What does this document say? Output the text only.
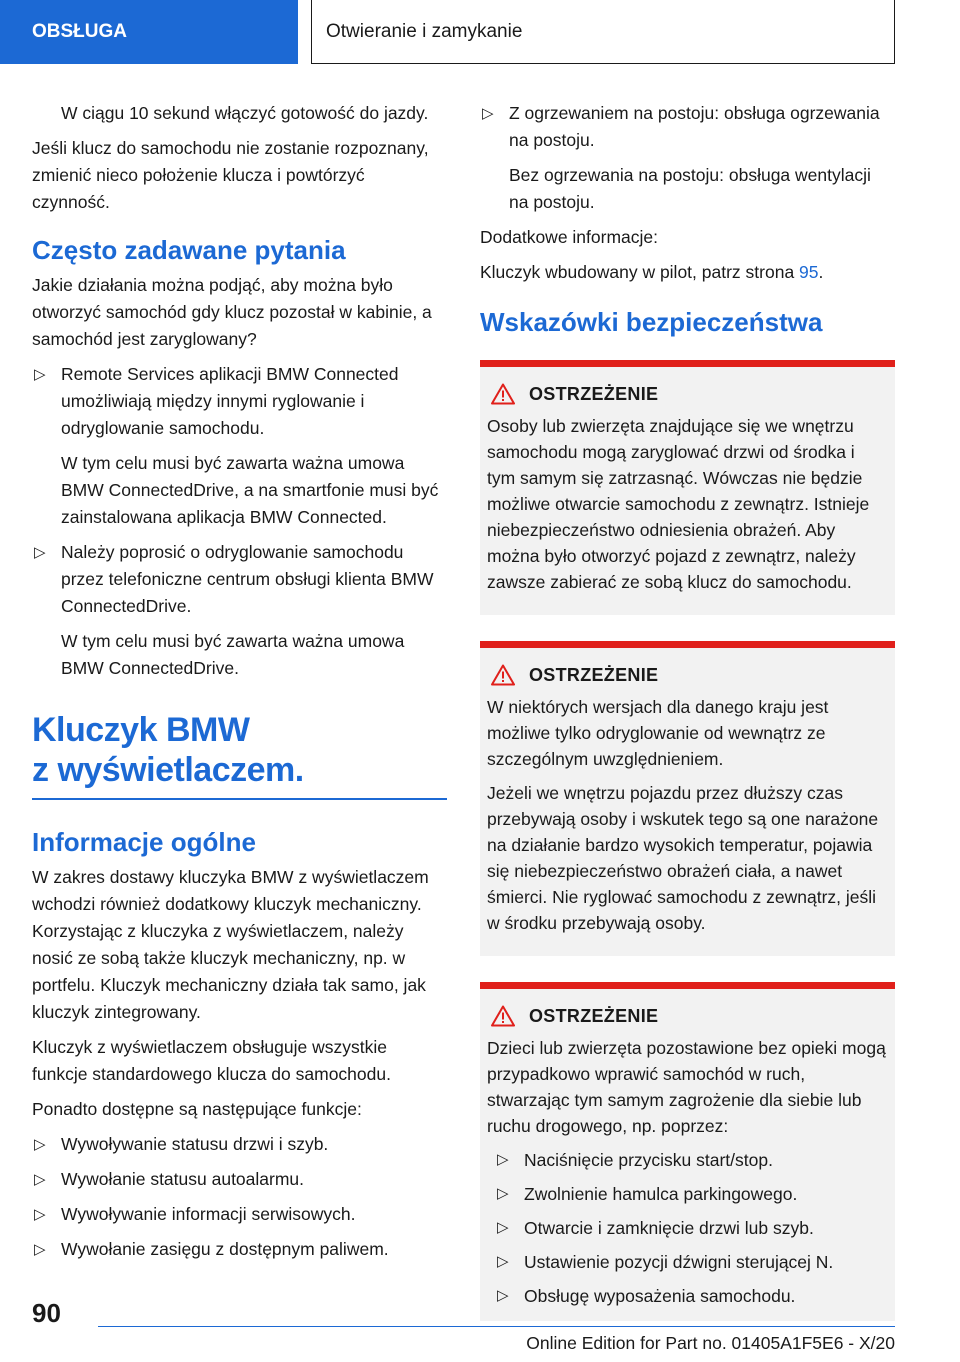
OBSŁUGA	Otwieranie i zamykanie

W ciągu 10 sekund włączyć gotowość do jazdy.

Jeśli klucz do samochodu nie zostanie rozpoznany, zmienić nieco położenie klucza i powtórzyć czynność.

Często zadawane pytania

Jakie działania można podjąć, aby można było otworzyć samochód gdy klucz pozostał w kabinie, a samochód jest zaryglowany?

▷ Remote Services aplikacji BMW Connected umożliwiają między innymi ryglowanie i odryglowanie samochodu.

W tym celu musi być zawarta ważna umowa BMW ConnectedDrive, a na smartfonie musi być zainstalowana aplikacja BMW Connected.

▷ Należy poprosić o odryglowanie samochodu przez telefoniczne centrum obsługi klienta BMW ConnectedDrive.

W tym celu musi być zawarta ważna umowa BMW ConnectedDrive.

Kluczyk BMW
z wyświetlaczem.
Informacje ogólne

W zakres dostawy kluczyka BMW z wyświetlaczem wchodzi również dodatkowy kluczyk mechaniczny. Korzystając z kluczyka z wyświetlaczem, należy nosić ze sobą także kluczyk mechaniczny, np. w portfelu. Kluczyk mechaniczny działa tak samo, jak kluczyk zintegrowany.

Kluczyk z wyświetlaczem obsługuje wszystkie funkcje standardowego klucza do samochodu.

Ponadto dostępne są następujące funkcje:

▷ Wywoływanie statusu drzwi i szyb.
▷ Wywołanie statusu autoalarmu.
▷ Wywoływanie informacji serwisowych.
▷ Wywołanie zasięgu z dostępnym paliwem.
▷ Z ogrzewaniem na postoju: obsługa ogrzewania na postoju.

Bez ogrzewania na postoju: obsługa wentylacji na postoju.

Dodatkowe informacje:

Kluczyk wbudowany w pilot, patrz strona 95.

Wskazówki bezpieczeństwa
OSTRZEŻENIE

Osoby lub zwierzęta znajdujące się we wnętrzu samochodu mogą zaryglować drzwi od środka i tym samym się zatrzasnąć. Wówczas nie będzie możliwe otwarcie samochodu z zewnątrz. Istnieje niebezpieczeństwo odniesienia obrażeń. Aby można było otworzyć pojazd z zewnątrz, należy zawsze zabierać ze sobą klucz do samochodu.

OSTRZEŻENIE

W niektórych wersjach dla danego kraju jest możliwe tylko odryglowanie od wewnątrz ze szczególnym uwzględnieniem.

Jeżeli we wnętrzu pojazdu przez dłuższy czas przebywają osoby i wskutek tego są one narażone na działanie bardzo wysokich temperatur, pojawia się niebezpieczeństwo obrażeń ciała, a nawet śmierci. Nie ryglować samochodu z zewnątrz, jeśli w środku przebywają osoby.

OSTRZEŻENIE

Dzieci lub zwierzęta pozostawione bez opieki mogą przypadkowo wprawić samochód w ruch, stwarzając tym samym zagrożenie dla siebie lub ruchu drogowego, np. poprzez:

▷ Naciśnięcie przycisku start/stop.
▷ Zwolnienie hamulca parkingowego.
▷ Otwarcie i zamknięcie drzwi lub szyb.
▷ Ustawienie pozycji dźwigni sterującej N.
▷ Obsługę wyposażenia samochodu.
90
Online Edition for Part no. 01405A1F5E6 - X/20
